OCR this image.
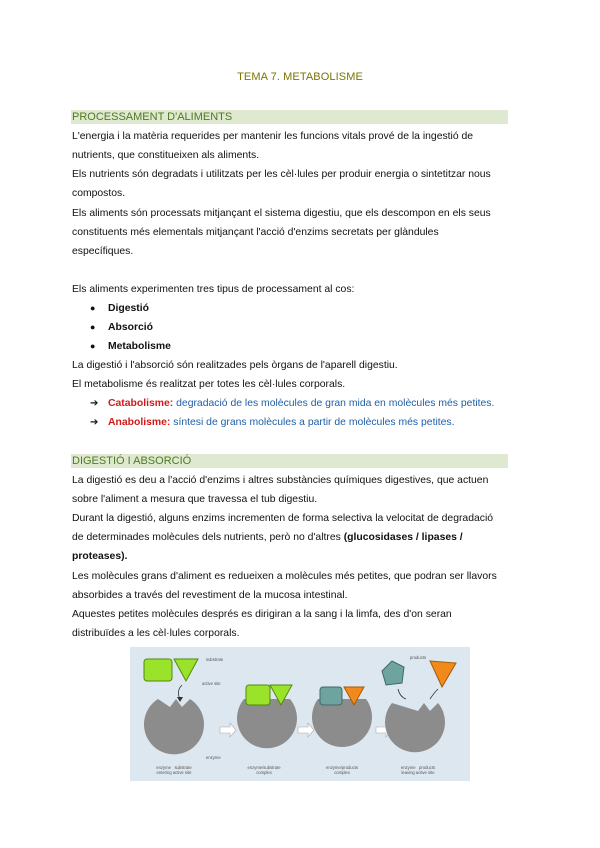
TEMA 7. METABOLISME
PROCESSAMENT D'ALIMENTS
L'energia i la matèria requerides per mantenir les funcions vitals prové de la ingestió de
nutrients, que constitueixen als aliments.
Els nutrients són degradats i utilitzats per les cèl·lules per produir energia o sintetitzar nous
compostos.
Els aliments són processats mitjançant el sistema digestiu, que els descompon en els seus
constituents més elementals mitjançant l'acció d'enzims secretats per glàndules
específiques.
Els aliments experimenten tres tipus de processament al cos:
● Digestió
● Absorció
● Metabolisme
La digestió i l'absorció són realitzades pels òrgans de l'aparell digestiu.
El metabolisme és realitzat per totes les cèl·lules corporals.
➔ Catabolisme: degradació de les molècules de gran mida en molècules més petites.
➔ Anabolisme: síntesi de grans molècules a partir de molècules més petites.
DIGESTIÓ I ABSORCIÓ
La digestió es deu a l'acció d'enzims i altres substàncies químiques digestives, que actuen
sobre l'aliment a mesura que travessa el tub digestiu.
Durant la digestió, alguns enzims incrementen de forma selectiva la velocitat de degradació
de determinades molècules dels nutrients, però no d'altres (glucosidases / lipases /
proteases).
Les molècules grans d'aliment es redueixen a molècules més petites, que podran ser llavors
absorbides a través del revestiment de la mucosa intestinal.
Aquestes petites molècules després es dirigiran a la sang i la limfa, des d'on seran
distribuïdes a les cèl·lules corporals.
substrate
active site
enzyme
products
enzyme   substrate
entering active site
enzyme/substrate
complex
enzyme/products
complex
enzyme   products
leaving active site
